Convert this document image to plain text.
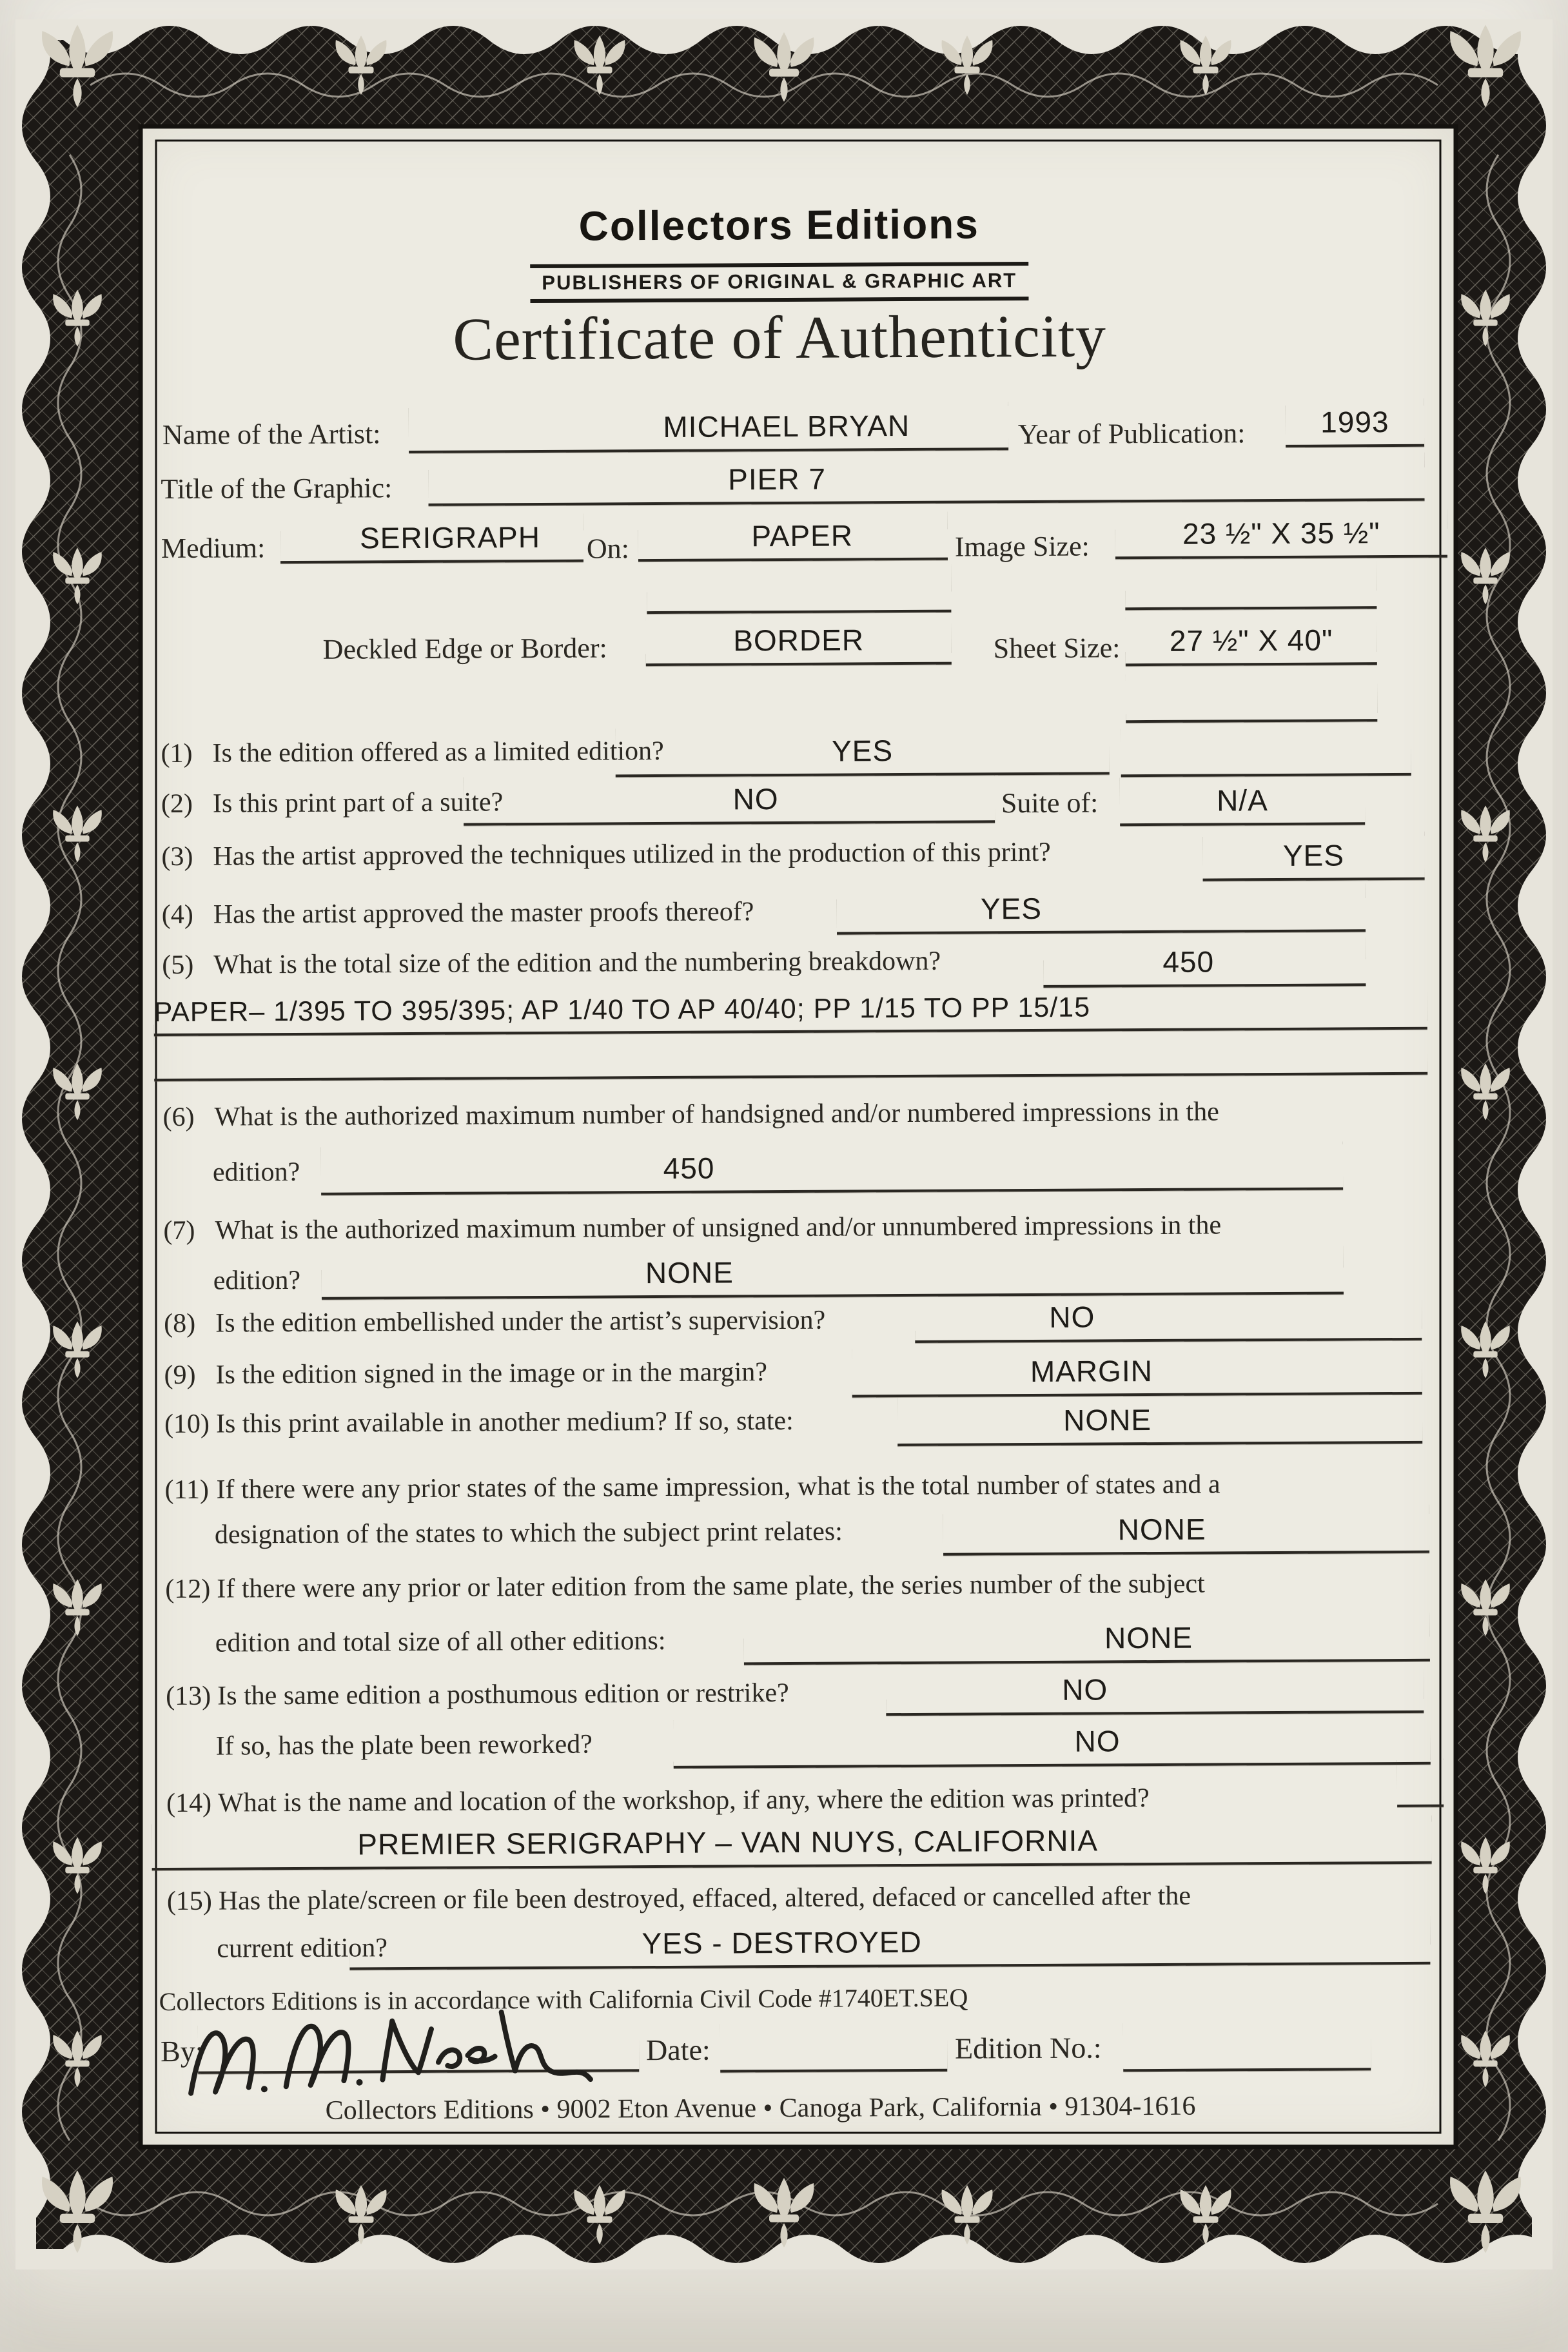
Collectors Editions
PUBLISHERS OF ORIGINAL & GRAPHIC ART
Certificate of Authenticity
Name of the Artist:	MICHAEL BRYAN	Year of Publication:	1993
Title of the Graphic:	PIER 7
Medium:	SERIGRAPH On:	PAPER	Image Size:	23 ½" X 35 ½"
Deckled Edge or Border:	BORDER	Sheet Size: 27 ½" X 40"
(1) Is the edition offered as a limited edition?	YES
(2) Is this print part of a suite?	NO	Suite of:	N/A
(3) Has the artist approved the techniques utilized in the production of this print?	YES
(4) Has the artist approved the master proofs thereof?	YES
(5) What is the total size of the edition and the numbering breakdown?	450
PAPER– 1/395 TO 395/395; AP 1/40 TO AP 40/40; PP 1/15 TO PP 15/15
(6) What is the authorized maximum number of handsigned and/or numbered impressions in the
edition?	450
(7) What is the authorized maximum number of unsigned and/or unnumbered impressions in the
edition?	NONE
(8) Is the edition embellished under the artist’s supervision?	NO
(9) Is the edition signed in the image or in the margin?	MARGIN
(10) Is this print available in another medium? If so, state:	NONE
(11) If there were any prior states of the same impression, what is the total number of states and a
designation of the states to which the subject print relates:	NONE
(12) If there were any prior or later edition from the same plate, the series number of the subject
edition and total size of all other editions:	NONE
(13) Is the same edition a posthumous edition or restrike?	NO
If so, has the plate been reworked?	NO
(14) What is the name and location of the workshop, if any, where the edition was printed?
PREMIER SERIGRAPHY – VAN NUYS, CALIFORNIA
(15) Has the plate/screen or file been destroyed, effaced, altered, defaced or cancelled after the
current edition?	YES - DESTROYED
Collectors Editions is in accordance with California Civil Code #1740ET.SEQ
By:	Date:	Edition No.:
Collectors Editions • 9002 Eton Avenue • Canoga Park, California • 91304-1616
